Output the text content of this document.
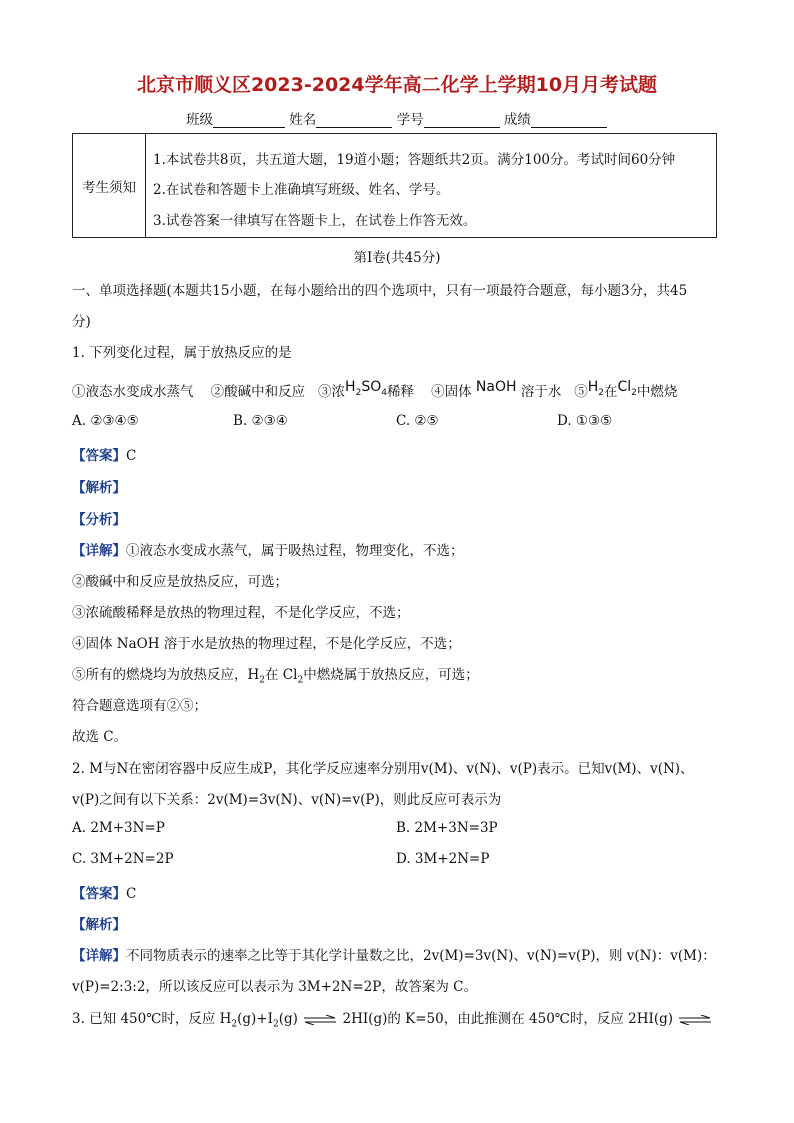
北京市顺义区2023-2024学年高二化学上学期10月月考试题
班级	姓名	学号	成绩
考生须知
1.本试卷共8页，共五道大题，19道小题；答题纸共2页。满分100分。考试时间60分钟
2.在试卷和答题卡上准确填写班级、姓名、学号。
3.试卷答案一律填写在答题卡上，在试卷上作答无效。
第Ⅰ卷(共45分)
一、单项选择题(本题共15小题，在每小题给出的四个选项中，只有一项最符合题意，每小题3分，共45
分)
1. 下列变化过程，属于放热反应的是
①液态水变成水蒸气 ②酸碱中和反应 ③浓$H_2SO_4$稀释 ④固体 NaOH 溶于水 $⑤H_2$在$Cl_2$中燃烧
A. ②③④⑤	B. ②③④	C. ②⑤	D. ①③⑤
【答案】C
【解析】
【分析】
【详解】①液态水变成水蒸气，属于吸热过程，物理变化，不选；
②酸碱中和反应是放热反应，可选；
③浓硫酸稀释是放热的物理过程，不是化学反应，不选；
④固体 NaOH 溶于水是放热的物理过程，不是化学反应，不选；
⑤所有的燃烧均为放热反应，$H_2$在 $Cl_2$中燃烧属于放热反应，可选；
符合题意选项有②⑤；
故选 C。
2. M与N在密闭容器中反应生成P，其化学反应速率分别用v(M)、v(N)、v(P)表示。已知v(M)、v(N)、
v(P)之间有以下关系：2v(M)=3v(N)、v(N)=v(P)，则此反应可表示为
A. 2M+3N=P	B. 2M+3N=3P
C. 3M+2N=2P	D. 3M+2N=P
【答案】C
【解析】
【详解】不同物质表示的速率之比等于其化学计量数之比，2v(M)=3v(N)、v(N)=v(P)，则 v(N)：v(M)：
v(P)=2:3:2，所以该反应可以表示为 3M+2N=2P，故答案为 C。
3. 已知 450℃时，反应 $H_2(g)+I_2(g)$ ⇌ 2HI(g)的 K=50，由此推测在 450℃时，反应 2HI(g) ⇌
